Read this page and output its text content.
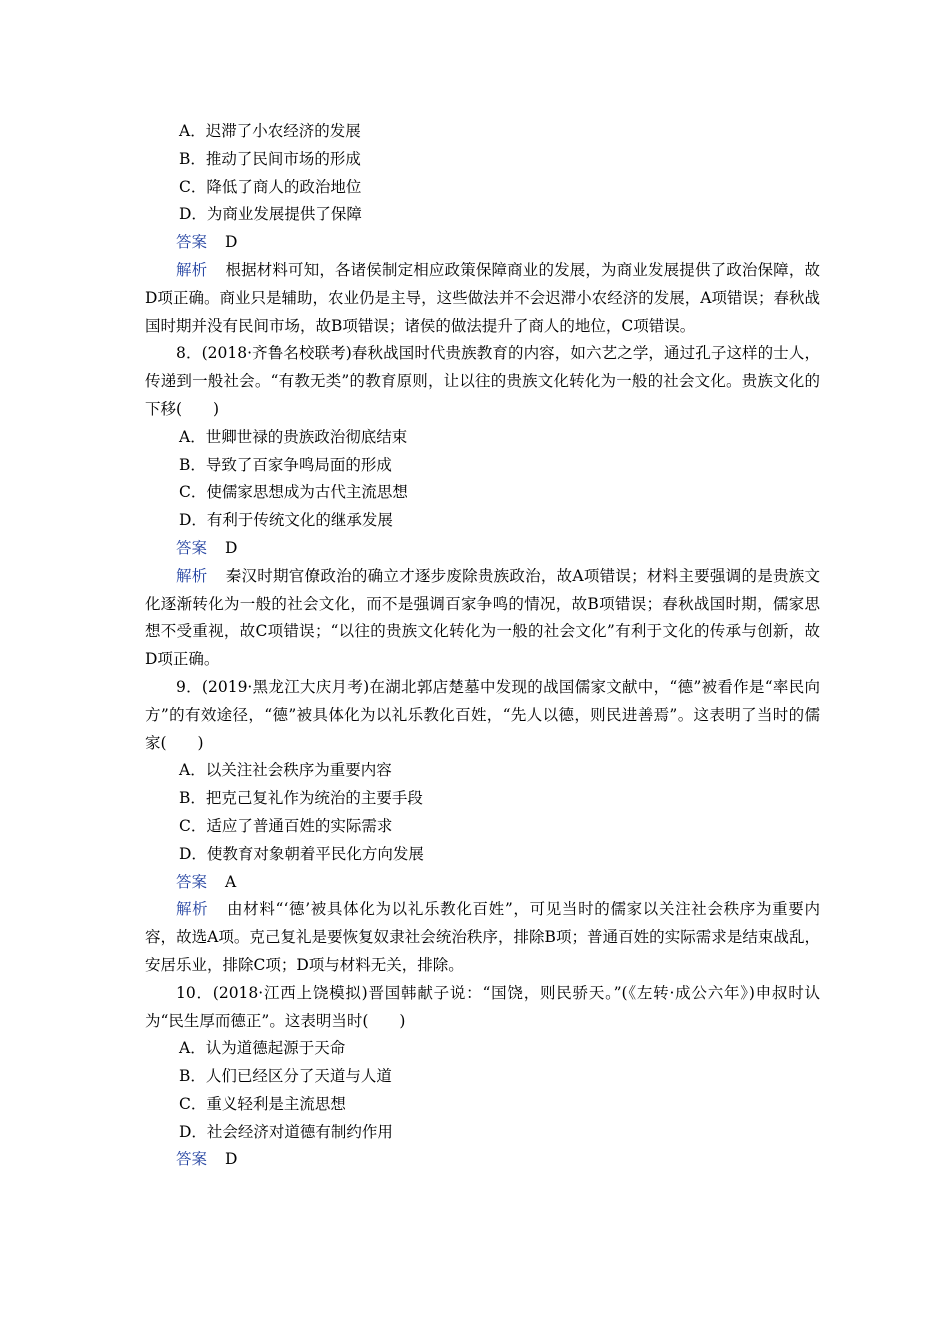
A．迟滞了小农经济的发展

B．推动了民间市场的形成

C．降低了商人的政治地位

D．为商业发展提供了保障

答案 D

解析 根据材料可知，各诸侯制定相应政策保障商业的发展，为商业发展提供了政治保障，故D项正确。商业只是辅助，农业仍是主导，这些做法并不会迟滞小农经济的发展，A项错误；春秋战国时期并没有民间市场，故B项错误；诸侯的做法提升了商人的地位，C项错误。

8．(2018·齐鲁名校联考)春秋战国时代贵族教育的内容，如六艺之学，通过孔子这样的士人，传递到一般社会。“有教无类”的教育原则，让以往的贵族文化转化为一般的社会文化。贵族文化的下移(　　)

A．世卿世禄的贵族政治彻底结束

B．导致了百家争鸣局面的形成

C．使儒家思想成为古代主流思想

D．有利于传统文化的继承发展

答案 D

解析 秦汉时期官僚政治的确立才逐步废除贵族政治，故A项错误；材料主要强调的是贵族文化逐渐转化为一般的社会文化，而不是强调百家争鸣的情况，故B项错误；春秋战国时期，儒家思想不受重视，故C项错误；“以往的贵族文化转化为一般的社会文化”有利于文化的传承与创新，故D项正确。

9．(2019·黑龙江大庆月考)在湖北郭店楚墓中发现的战国儒家文献中，“德”被看作是“率民向方”的有效途径，“德”被具体化为以礼乐教化百姓，“先人以德，则民进善焉”。这表明了当时的儒家(　　)

A．以关注社会秩序为重要内容

B．把克己复礼作为统治的主要手段

C．适应了普通百姓的实际需求

D．使教育对象朝着平民化方向发展

答案 A

解析 由材料“‘德’被具体化为以礼乐教化百姓”，可见当时的儒家以关注社会秩序为重要内容，故选A项。克己复礼是要恢复奴隶社会统治秩序，排除B项；普通百姓的实际需求是结束战乱，安居乐业，排除C项；D项与材料无关，排除。

10．(2018·江西上饶模拟)晋国韩献子说：“国饶，则民骄天。”(《左转·成公六年》)申叔时认为“民生厚而德正”。这表明当时(　　)

A．认为道德起源于天命

B．人们已经区分了天道与人道

C．重义轻利是主流思想

D．社会经济对道德有制约作用

答案 D
